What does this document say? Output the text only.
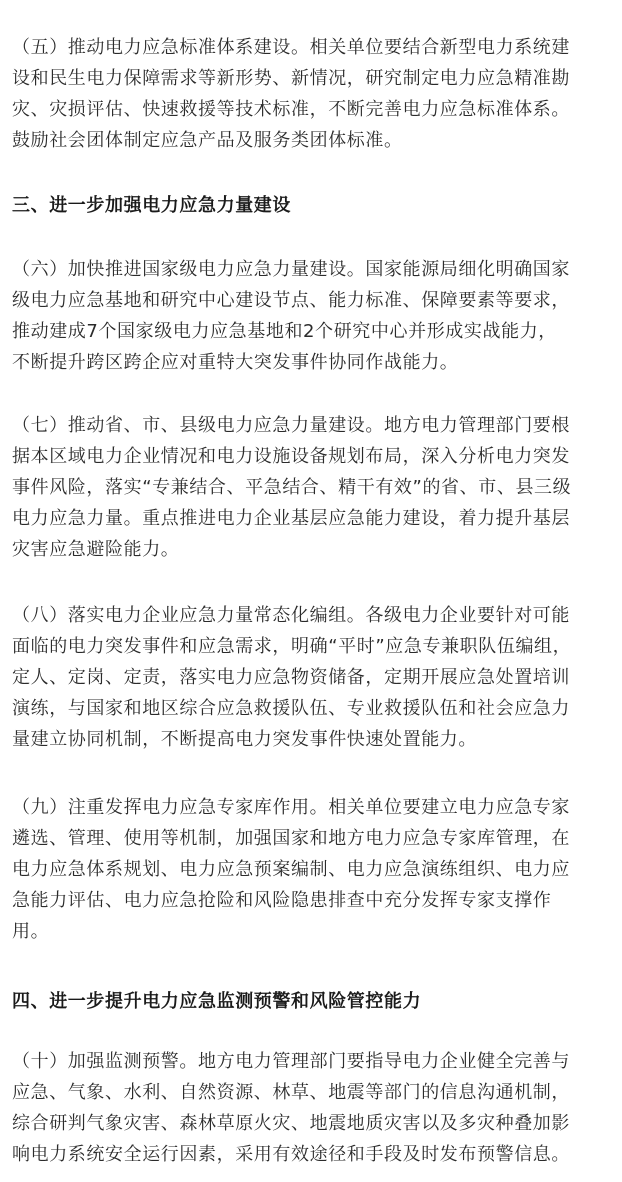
（五）推动电力应急标准体系建设。相关单位要结合新型电力系统建
设和民生电力保障需求等新形势、新情况，研究制定电力应急精准勘
灾、灾损评估、快速救援等技术标准，不断完善电力应急标准体系。
鼓励社会团体制定应急产品及服务类团体标准。

三、进一步加强电力应急力量建设

（六）加快推进国家级电力应急力量建设。国家能源局细化明确国家
级电力应急基地和研究中心建设节点、能力标准、保障要素等要求，
推动建成7个国家级电力应急基地和2个研究中心并形成实战能力，
不断提升跨区跨企应对重特大突发事件协同作战能力。

（七）推动省、市、县级电力应急力量建设。地方电力管理部门要根
据本区域电力企业情况和电力设施设备规划布局，深入分析电力突发
事件风险，落实“专兼结合、平急结合、精干有效”的省、市、县三级
电力应急力量。重点推进电力企业基层应急能力建设，着力提升基层
灾害应急避险能力。

（八）落实电力企业应急力量常态化编组。各级电力企业要针对可能
面临的电力突发事件和应急需求，明确“平时”应急专兼职队伍编组，
定人、定岗、定责，落实电力应急物资储备，定期开展应急处置培训
演练，与国家和地区综合应急救援队伍、专业救援队伍和社会应急力
量建立协同机制，不断提高电力突发事件快速处置能力。

（九）注重发挥电力应急专家库作用。相关单位要建立电力应急专家
遴选、管理、使用等机制，加强国家和地方电力应急专家库管理，在
电力应急体系规划、电力应急预案编制、电力应急演练组织、电力应
急能力评估、电力应急抢险和风险隐患排查中充分发挥专家支撑作
用。

四、进一步提升电力应急监测预警和风险管控能力

（十）加强监测预警。地方电力管理部门要指导电力企业健全完善与
应急、气象、水利、自然资源、林草、地震等部门的信息沟通机制，
综合研判气象灾害、森林草原火灾、地震地质灾害以及多灾种叠加影
响电力系统安全运行因素，采用有效途径和手段及时发布预警信息。
